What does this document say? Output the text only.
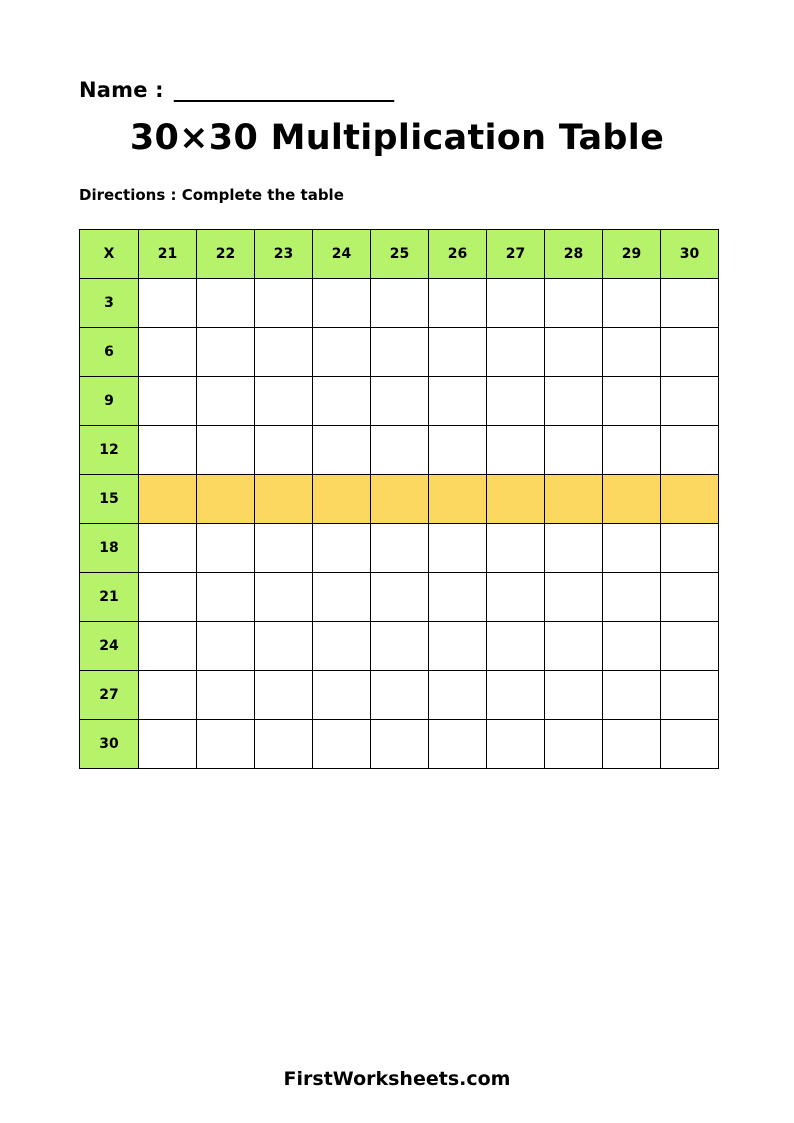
Name : ______________________
30×30 Multiplication Table
Directions : Complete the table
X	21	22	23	24	25	26	27	28	29	30
3										
6										
9										
12										
15										
18										
21										
24										
27										
30										
FirstWorksheets.com
